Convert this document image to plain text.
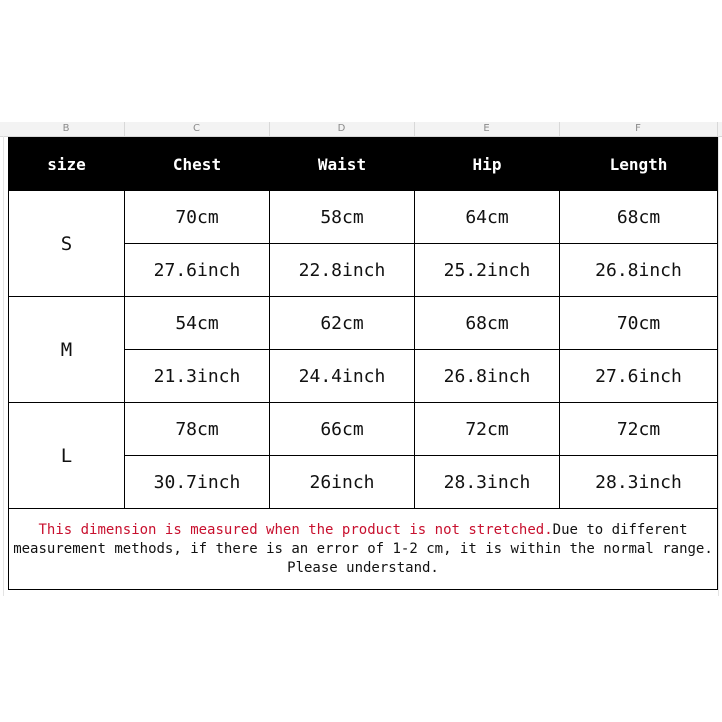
B	C	D	E	F
size	Chest	Waist	Hip	Length
S	70cm	58cm	64cm	68cm
	27.6inch	22.8inch	25.2inch	26.8inch
M	54cm	62cm	68cm	70cm
	21.3inch	24.4inch	26.8inch	27.6inch
L	78cm	66cm	72cm	72cm
	30.7inch	26inch	28.3inch	28.3inch
This dimension is measured when the product is not stretched.Due to different
measurement methods, if there is an error of 1-2 cm, it is within the normal range.
Please understand.				
